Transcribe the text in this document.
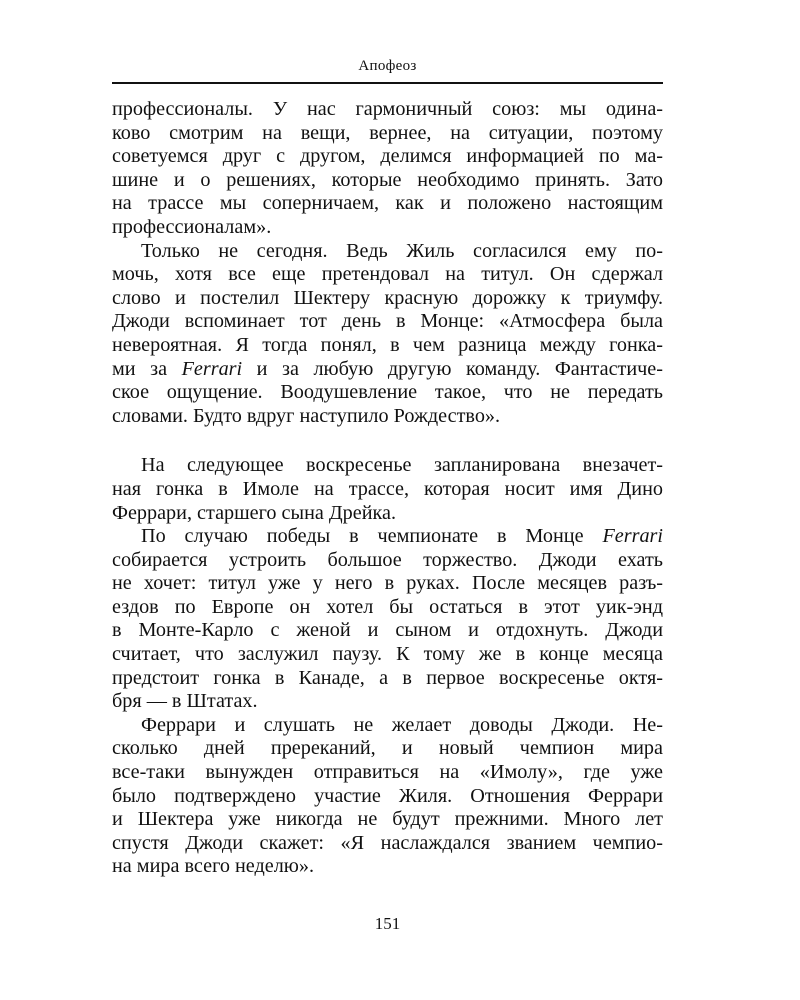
Апофеоз
профессионалы. У нас гармоничный союз: мы одина-
ково смотрим на вещи, вернее, на ситуации, поэтому
советуемся друг с другом, делимся информацией по ма-
шине и о решениях, которые необходимо принять. Зато
на трассе мы соперничаем, как и положено настоящим
профессионалам».
Только не сегодня. Ведь Жиль согласился ему по-
мочь, хотя все еще претендовал на титул. Он сдержал
слово и постелил Шектеру красную дорожку к триумфу.
Джоди вспоминает тот день в Монце: «Атмосфера была
невероятная. Я тогда понял, в чем разница между гонка-
ми за Ferrari и за любую другую команду. Фантастиче-
ское ощущение. Воодушевление такое, что не передать
словами. Будто вдруг наступило Рождество».
На следующее воскресенье запланирована внезачет-
ная гонка в Имоле на трассе, которая носит имя Дино
Феррари, старшего сына Дрейка.
По случаю победы в чемпионате в Монце Ferrari
собирается устроить большое торжество. Джоди ехать
не хочет: титул уже у него в руках. После месяцев разъ-
ездов по Европе он хотел бы остаться в этот уик-энд
в Монте-Карло с женой и сыном и отдохнуть. Джоди
считает, что заслужил паузу. К тому же в конце месяца
предстоит гонка в Канаде, а в первое воскресенье октя-
бря — в Штатах.
Феррари и слушать не желает доводы Джоди. Не-
сколько дней пререканий, и новый чемпион мира
все-таки вынужден отправиться на «Имолу», где уже
было подтверждено участие Жиля. Отношения Феррари
и Шектера уже никогда не будут прежними. Много лет
спустя Джоди скажет: «Я наслаждался званием чемпио-
на мира всего неделю».
151
